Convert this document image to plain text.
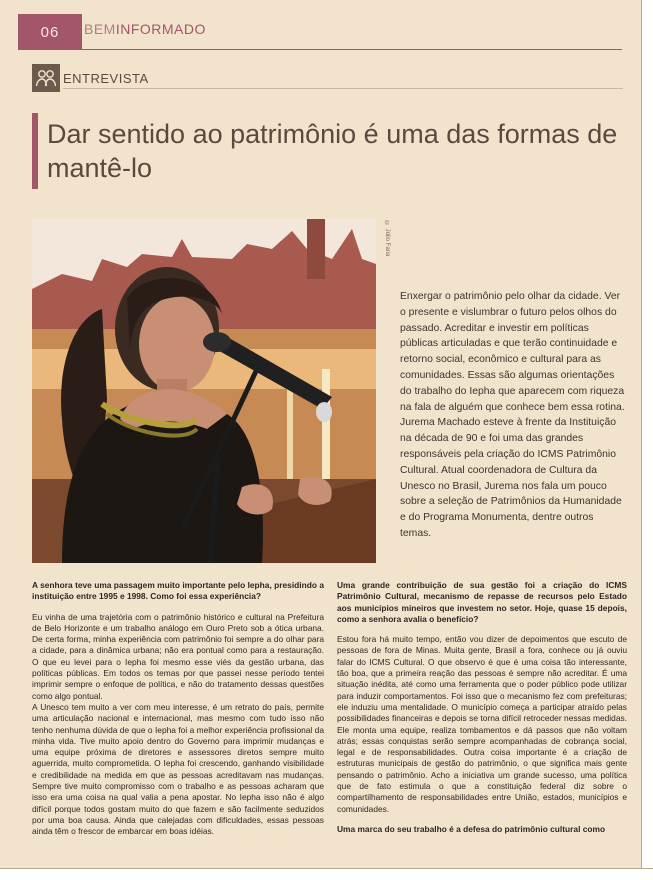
06	BEMINFORMADO
ENTREVISTA
Dar sentido ao patrimônio é uma das formas de mantê-lo
© Júlio Faria
Enxergar o patrimônio pelo olhar da cidade. Ver o presente e vislumbrar o futuro pelos olhos do passado. Acreditar e investir em políticas públicas articuladas e que terão continuidade e retorno social, econômico e cultural para as comunidades. Essas são algumas orientações do trabalho do Iepha que aparecem com riqueza na fala de alguém que conhece bem essa rotina. Jurema Machado esteve à frente da Instituição na década de 90 e foi uma das grandes responsáveis pela criação do ICMS Patrimônio Cultural. Atual coordenadora de Cultura da Unesco no Brasil, Jurema nos fala um pouco sobre a seleção de Patrimônios da Humanidade e do Programa Monumenta, dentre outros temas.
A senhora teve uma passagem muito importante pelo Iepha, presidindo a instituição entre 1995 e 1998. Como foi essa experiência?
Eu vinha de uma trajetória com o patrimônio histórico e cultural na Prefeitura de Belo Horizonte e um trabalho análogo em Ouro Preto sob a ótica urbana. De certa forma, minha experiência com patrimônio foi sempre a do olhar para a cidade, para a dinâmica urbana; não era pontual como para a restauração. O que eu levei para o Iepha foi mesmo esse viés da gestão urbana, das políticas públicas. Em todos os temas por que passei nesse período tentei imprimir sempre o enfoque de política, e não do tratamento dessas questões como algo pontual.
A Unesco tem muito a ver com meu interesse, é um retrato do país, permite uma articulação nacional e internacional, mas mesmo com tudo isso não tenho nenhuma dúvida de que o Iepha foi a melhor experiência profissional da minha vida. Tive muito apoio dentro do Governo para imprimir mudanças e uma equipe próxima de diretores e assessores diretos sempre muito aguerrida, muito comprometida. O Iepha foi crescendo, ganhando visibilidade e credibilidade na medida em que as pessoas acreditavam nas mudanças. Sempre tive muito compromisso com o trabalho e as pessoas acharam que isso era uma coisa na qual valia a pena apostar. No Iepha isso não é algo difícil porque todos gostam muito do que fazem e são facilmente seduzidos por uma boa causa. Ainda que calejadas com dificuldades, essas pessoas ainda têm o frescor de embarcar em boas idéias.
Uma grande contribuição de sua gestão foi a criação do ICMS Patrimônio Cultural, mecanismo de repasse de recursos pelo Estado aos municípios mineiros que investem no setor. Hoje, quase 15 depois, como a senhora avalia o benefício?
Estou fora há muito tempo, então vou dizer de depoimentos que escuto de pessoas de fora de Minas. Muita gente, Brasil a fora, conhece ou já ouviu falar do ICMS Cultural. O que observo é que é uma coisa tão interessante, tão boa, que a primeira reação das pessoas é sempre não acreditar. É uma situação inédita, até como uma ferramenta que o poder público pode utilizar para induzir comportamentos. Foi isso que o mecanismo fez com prefeituras; ele induziu uma mentalidade. O município começa a participar atraído pelas possibilidades financeiras e depois se torna difícil retroceder nessas medidas. Ele monta uma equipe, realiza tombamentos e dá passos que não voltam atrás; essas conquistas serão sempre acompanhadas de cobrança social, legal e de responsabilidades. Outra coisa importante é a criação de estruturas municipais de gestão do patrimônio, o que significa mais gente pensando o patrimônio. Acho a iniciativa um grande sucesso, uma política que de fato estimula o que a constituição federal diz sobre o compartilhamento de responsabilidades entre União, estados, municípios e comunidades.
Uma marca do seu trabalho é a defesa do patrimônio cultural como
